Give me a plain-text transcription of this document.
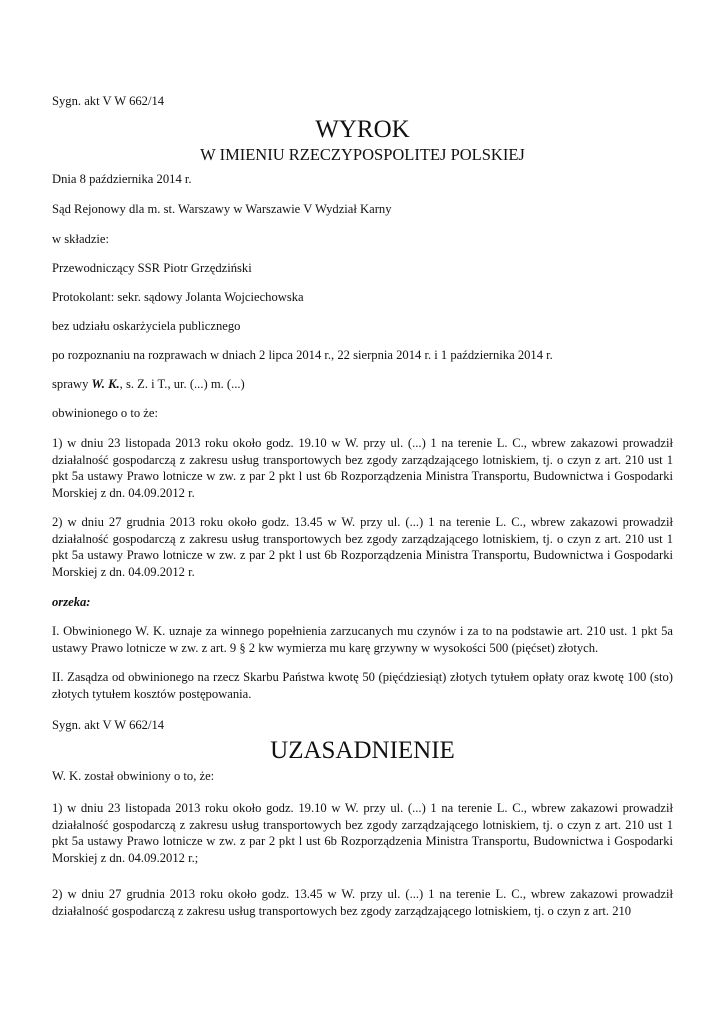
Sygn. akt V W 662/14

WYROK

W IMIENIU RZECZYPOSPOLITEJ POLSKIEJ

Dnia 8 października 2014 r.

Sąd Rejonowy dla m. st. Warszawy w Warszawie V Wydział Karny

w składzie:

Przewodniczący SSR Piotr Grzędziński

Protokolant: sekr. sądowy Jolanta Wojciechowska

bez udziału oskarżyciela publicznego

po rozpoznaniu na rozprawach w dniach 2 lipca 2014 r., 22 sierpnia 2014 r. i 1 października 2014 r.

sprawy W. K., s. Z. i T., ur. (...) m. (...)

obwinionego o to że:

1) w dniu 23 listopada 2013 roku około godz. 19.10 w W. przy ul. (...) 1 na terenie L. C., wbrew zakazowi prowadził działalność gospodarczą z zakresu usług transportowych bez zgody zarządzającego lotniskiem, tj. o czyn z art. 210 ust 1 pkt 5a ustawy Prawo lotnicze w zw. z par 2 pkt l ust 6b Rozporządzenia Ministra Transportu, Budownictwa i Gospodarki Morskiej z dn. 04.09.2012 r.

2) w dniu 27 grudnia 2013 roku około godz. 13.45 w W. przy ul. (...) 1 na terenie L. C., wbrew zakazowi prowadził działalność gospodarczą z zakresu usług transportowych bez zgody zarządzającego lotniskiem, tj. o czyn z art. 210 ust 1 pkt 5a ustawy Prawo lotnicze w zw. z par 2 pkt l ust 6b Rozporządzenia Ministra Transportu, Budownictwa i Gospodarki Morskiej z dn. 04.09.2012 r.

orzeka:

I. Obwinionego W. K. uznaje za winnego popełnienia zarzucanych mu czynów i za to na podstawie art. 210 ust. 1 pkt 5a ustawy Prawo lotnicze w zw. z art. 9 § 2 kw wymierza mu karę grzywny w wysokości 500 (pięćset) złotych.

II. Zasądza od obwinionego na rzecz Skarbu Państwa kwotę 50 (pięćdziesiąt) złotych tytułem opłaty oraz kwotę 100 (sto) złotych tytułem kosztów postępowania.

Sygn. akt V W 662/14

UZASADNIENIE

W. K. został obwiniony o to, że:

1) w dniu 23 listopada 2013 roku około godz. 19.10 w W. przy ul. (...) 1 na terenie L. C., wbrew zakazowi prowadził działalność gospodarczą z zakresu usług transportowych bez zgody zarządzającego lotniskiem, tj. o czyn z art. 210 ust 1 pkt 5a ustawy Prawo lotnicze w zw. z par 2 pkt l ust 6b Rozporządzenia Ministra Transportu, Budownictwa i Gospodarki Morskiej z dn. 04.09.2012 r.;

2) w dniu 27 grudnia 2013 roku około godz. 13.45 w W. przy ul. (...) 1 na terenie L. C., wbrew zakazowi prowadził działalność gospodarczą z zakresu usług transportowych bez zgody zarządzającego lotniskiem, tj. o czyn z art. 210
